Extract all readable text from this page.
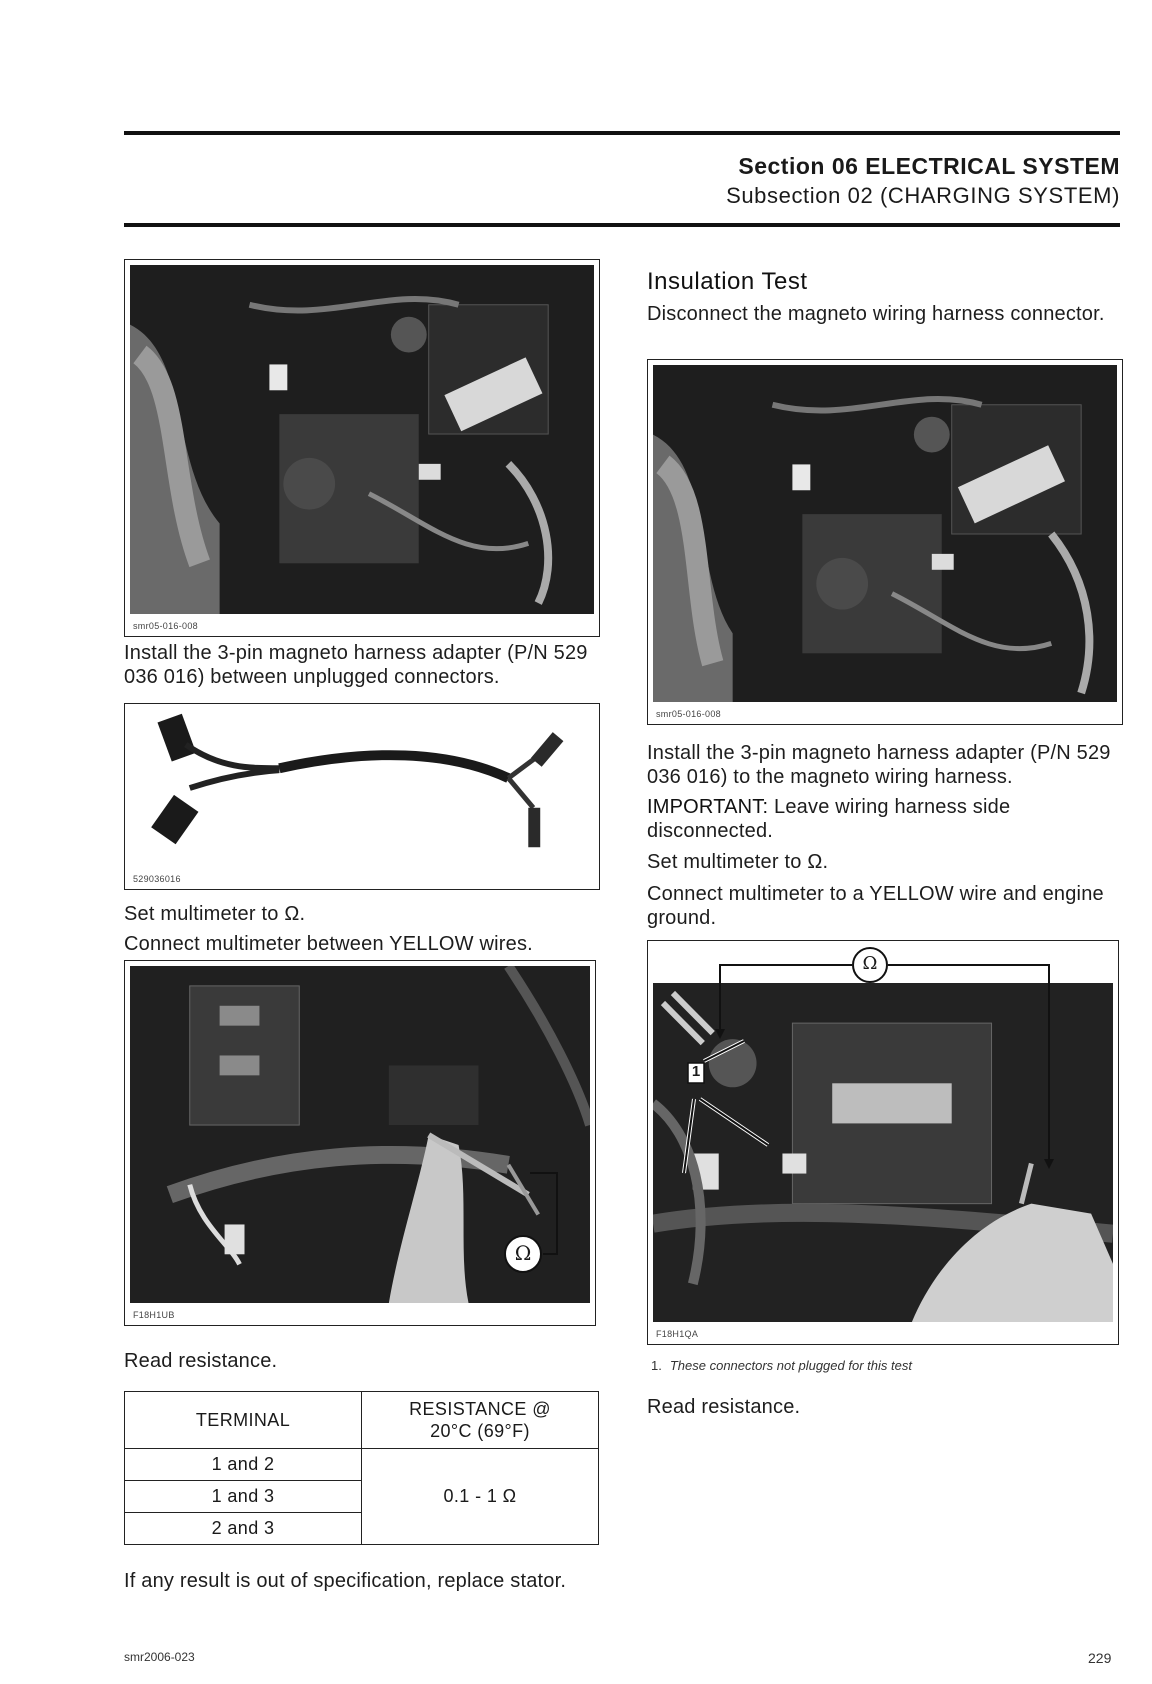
Section 06 ELECTRICAL SYSTEM
Subsection 02 (CHARGING SYSTEM)
smr05-016-008
Install the 3-pin magneto harness adapter (P/N 529 036 016) between unplugged connectors.
529036016
Set multimeter to Ω.
Connect multimeter between YELLOW wires.
Ω
F18H1UB
Read resistance.
TERMINAL	RESISTANCE @ 20°C (69°F)
1 and 2	0.1 - 1 Ω
1 and 3	
2 and 3	
If any result is out of specification, replace stator.
Insulation Test
Disconnect the magneto wiring harness connector.
smr05-016-008
Install the 3-pin magneto harness adapter (P/N 529 036 016) to the magneto wiring harness.
IMPORTANT: Leave wiring harness side disconnected.
Set multimeter to Ω.
Connect multimeter to a YELLOW wire and engine ground.
Ω
1
F18H1QA
1. These connectors not plugged for this test
Read resistance.
smr2006-023	229
